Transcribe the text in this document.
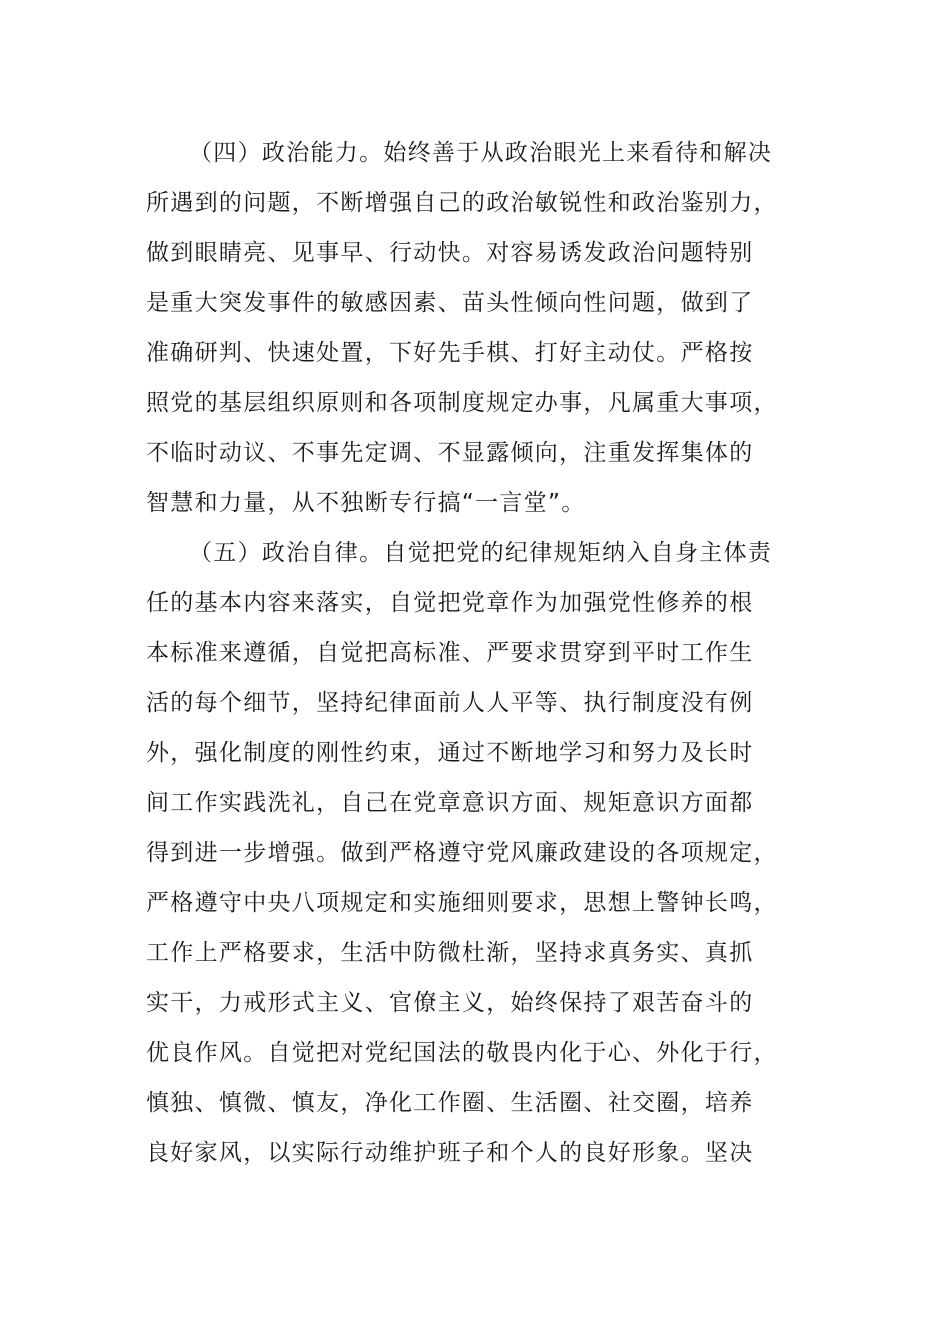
（四）政治能力。始终善于从政治眼光上来看待和解决

所遇到的问题，不断增强自己的政治敏锐性和政治鉴别力，

做到眼睛亮、见事早、行动快。对容易诱发政治问题特别

是重大突发事件的敏感因素、苗头性倾向性问题，做到了

准确研判、快速处置，下好先手棋、打好主动仗。严格按

照党的基层组织原则和各项制度规定办事，凡属重大事项，

不临时动议、不事先定调、不显露倾向，注重发挥集体的

智慧和力量，从不独断专行搞“一言堂”。

（五）政治自律。自觉把党的纪律规矩纳入自身主体责

任的基本内容来落实，自觉把党章作为加强党性修养的根

本标准来遵循，自觉把高标准、严要求贯穿到平时工作生

活的每个细节，坚持纪律面前人人平等、执行制度没有例

外，强化制度的刚性约束，通过不断地学习和努力及长时

间工作实践洗礼，自己在党章意识方面、规矩意识方面都

得到进一步增强。做到严格遵守党风廉政建设的各项规定，

严格遵守中央八项规定和实施细则要求，思想上警钟长鸣，

工作上严格要求，生活中防微杜渐，坚持求真务实、真抓

实干，力戒形式主义、官僚主义，始终保持了艰苦奋斗的

优良作风。自觉把对党纪国法的敬畏内化于心、外化于行，

慎独、慎微、慎友，净化工作圈、生活圈、社交圈，培养

良好家风，以实际行动维护班子和个人的良好形象。坚决
